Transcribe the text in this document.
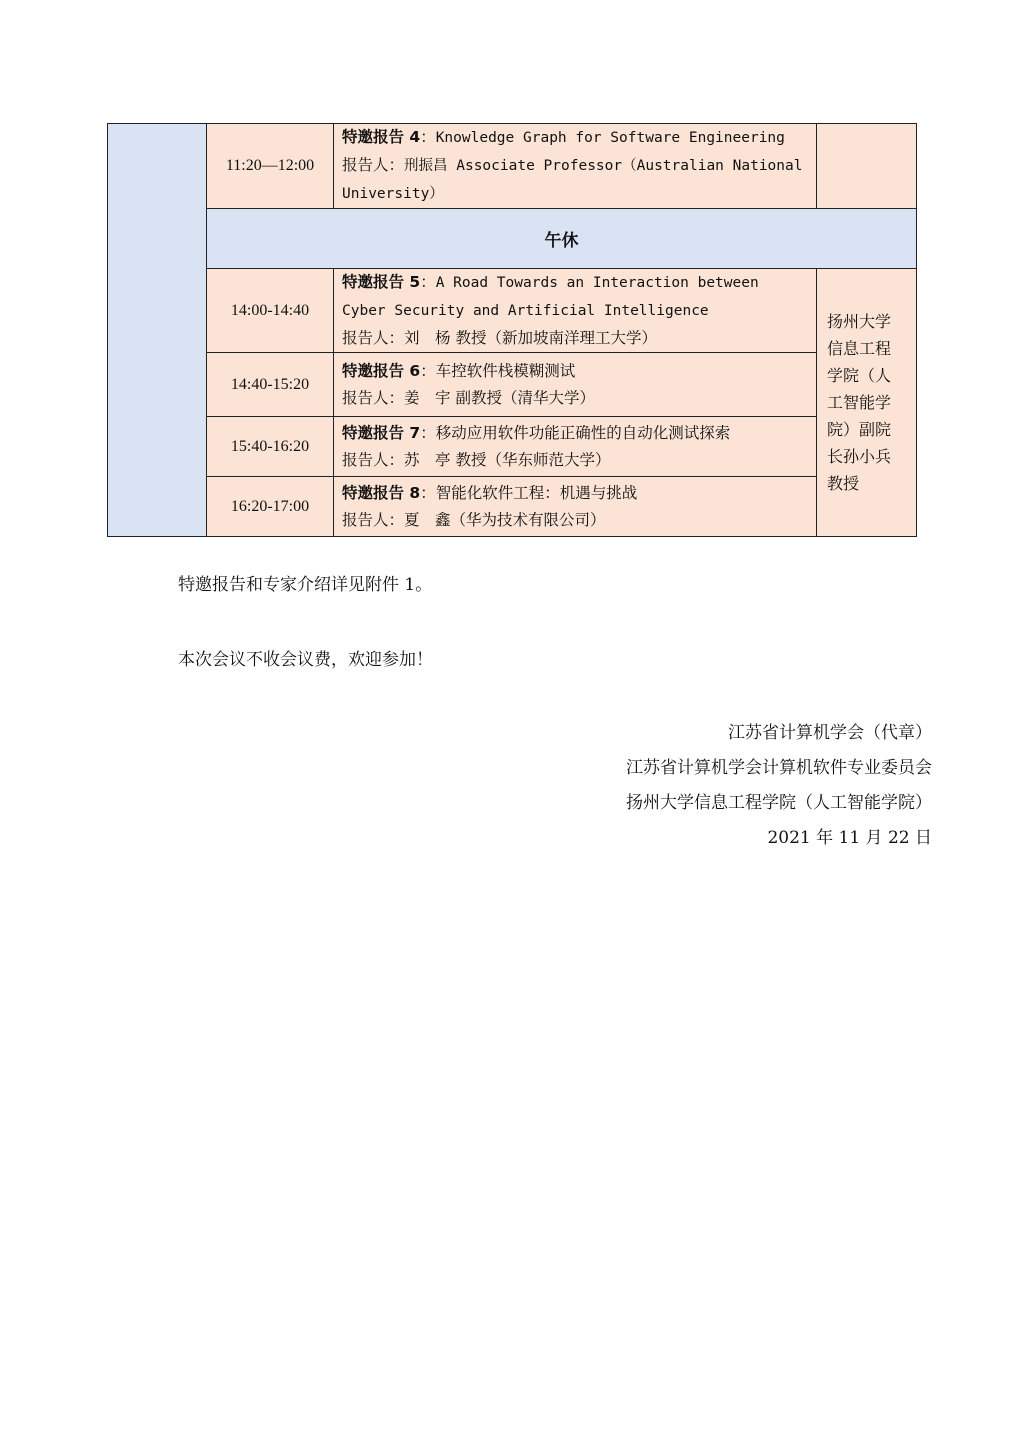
	11:20—12:00	特邀报告 4：Knowledge Graph for Software Engineering
报告人：刑振昌 Associate Professor（Australian National University）	
	午休		
	14:00-14:40	特邀报告 5：A Road Towards an Interaction between Cyber Security and Artificial Intelligence
报告人：刘　杨 教授（新加坡南洋理工大学）	扬州大学信息工程学院（人工智能学院）副院长孙小兵教授
	14:40-15:20	特邀报告 6：车控软件栈模糊测试
报告人：姜　宇 副教授（清华大学）	
	15:40-16:20	特邀报告 7：移动应用软件功能正确性的自动化测试探索
报告人：苏　亭 教授（华东师范大学）	
	16:20-17:00	特邀报告 8：智能化软件工程：机遇与挑战
报告人：夏　鑫（华为技术有限公司）	
特邀报告和专家介绍详见附件 1。
本次会议不收会议费，欢迎参加！
江苏省计算机学会（代章）
江苏省计算机学会计算机软件专业委员会
扬州大学信息工程学院（人工智能学院）
2021 年 11 月 22 日
